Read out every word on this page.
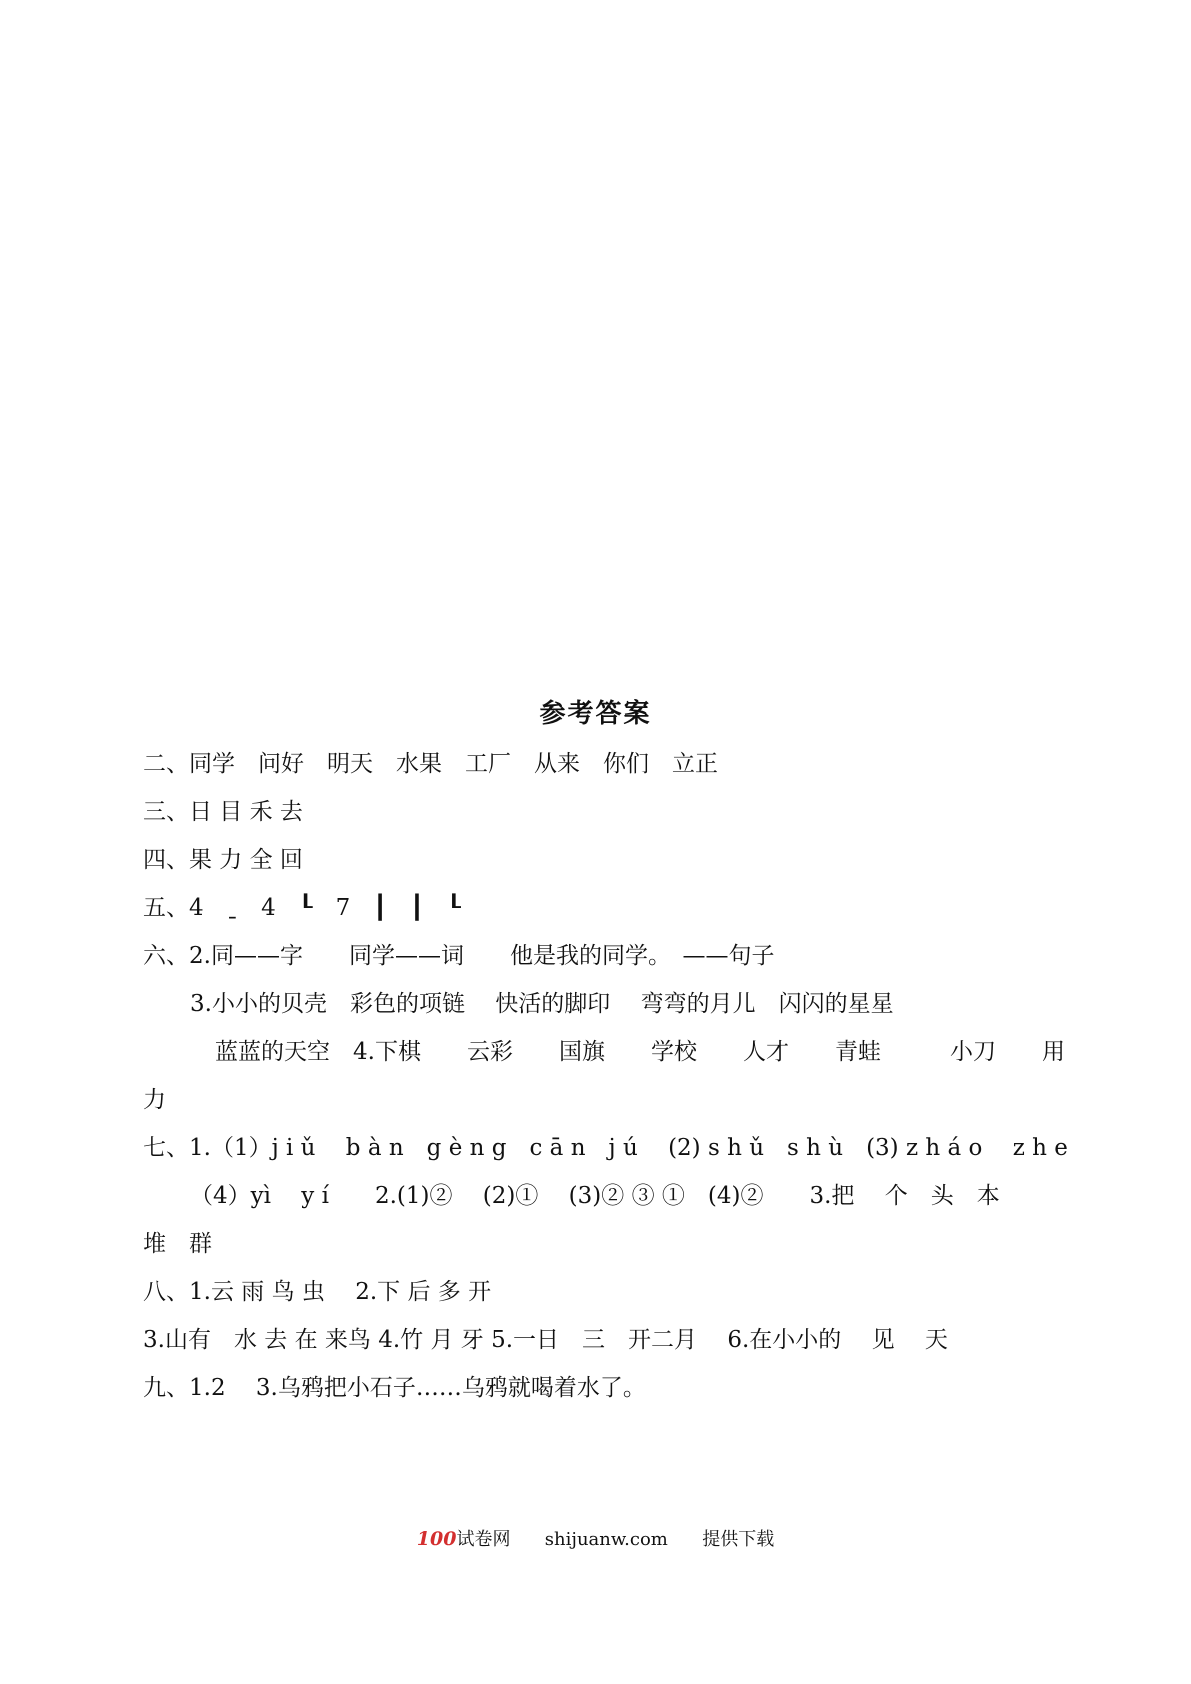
参考答案
二、同学　问好　明天　水果　工厂　从来　你们　立正
三、日 目 禾 去
四、果 力 全 回
五、4　ˍ　4　┖　7　┃　┃　┖
六、2.同——字　　同学——词　　他是我的同学。　——句子
3.小小的贝壳　彩色的项链　 快活的脚印　 弯弯的月儿　闪闪的星星
蓝蓝的天空　4.下棋　　云彩　　国旗　　学校　　人才　　青蛙　　　小刀　　用
力
七、1.（1）j i ǔ　 b à n　g è n g　c ā n　j ú　 (2) s h ǔ　s h ù　(3) z h á o　 z h e
（4）yì　 y í　　2.(1)②　 (2)①　 (3)② ③ ①　(4)②　　3.把　 个　头　本
堆　群
八、1.云 雨 鸟 虫　 2.下 后 多 开
3.山有　水 去 在 来鸟 4.竹 月 牙 5.一日　三　开二月　 6.在小小的　 见　 天
九、1.2　 3.乌鸦把小石子……乌鸦就喝着水了。
100试卷网 shijuanw.com 提供下载
